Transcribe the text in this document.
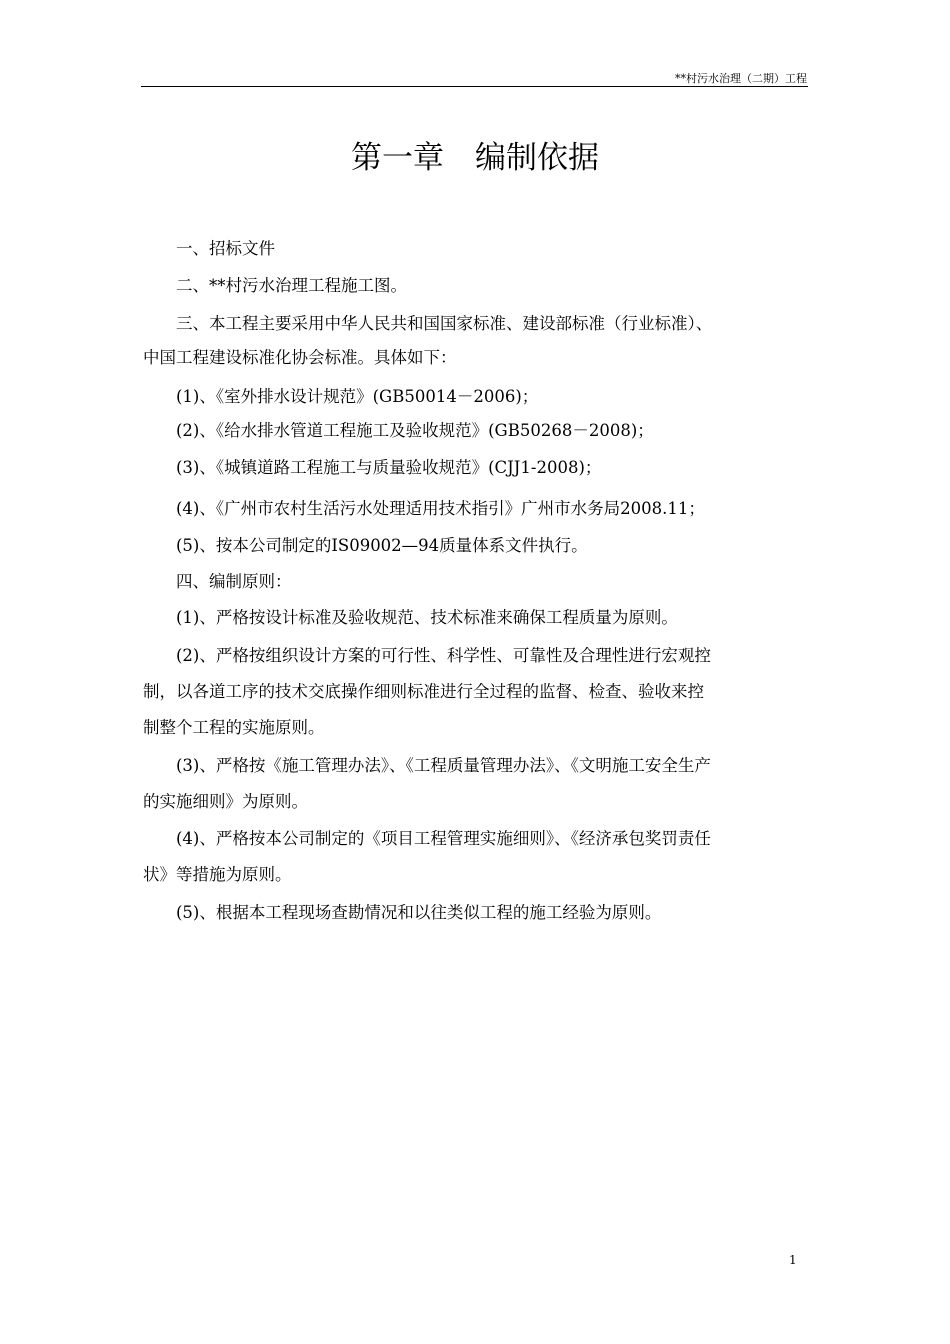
**村污水治理（二期）工程
第一章　编制依据
　　一、招标文件
　　二、**村污水治理工程施工图。
　　三、本工程主要采用中华人民共和国国家标准、建设部标准（行业标准）、
中国工程建设标准化协会标准。具体如下：
　　(1)、《室外排水设计规范》(GB50014－2006)；
　　(2)、《给水排水管道工程施工及验收规范》(GB50268－2008)；
　　(3)、《城镇道路工程施工与质量验收规范》(CJJ1-2008)；
　　(4)、《广州市农村生活污水处理适用技术指引》广州市水务局2008.11；
　　(5)、按本公司制定的IS09002—94质量体系文件执行。
　　四、编制原则：
　　(1)、严格按设计标准及验收规范、技术标准来确保工程质量为原则。
　　(2)、严格按组织设计方案的可行性、科学性、可靠性及合理性进行宏观控
制，以各道工序的技术交底操作细则标准进行全过程的监督、检查、验收来控
制整个工程的实施原则。
　　(3)、严格按《施工管理办法》、《工程质量管理办法》、《文明施工安全生产
的实施细则》为原则。
　　(4)、严格按本公司制定的《项目工程管理实施细则》、《经济承包奖罚责任
状》等措施为原则。
　　(5)、根据本工程现场查勘情况和以往类似工程的施工经验为原则。
1
